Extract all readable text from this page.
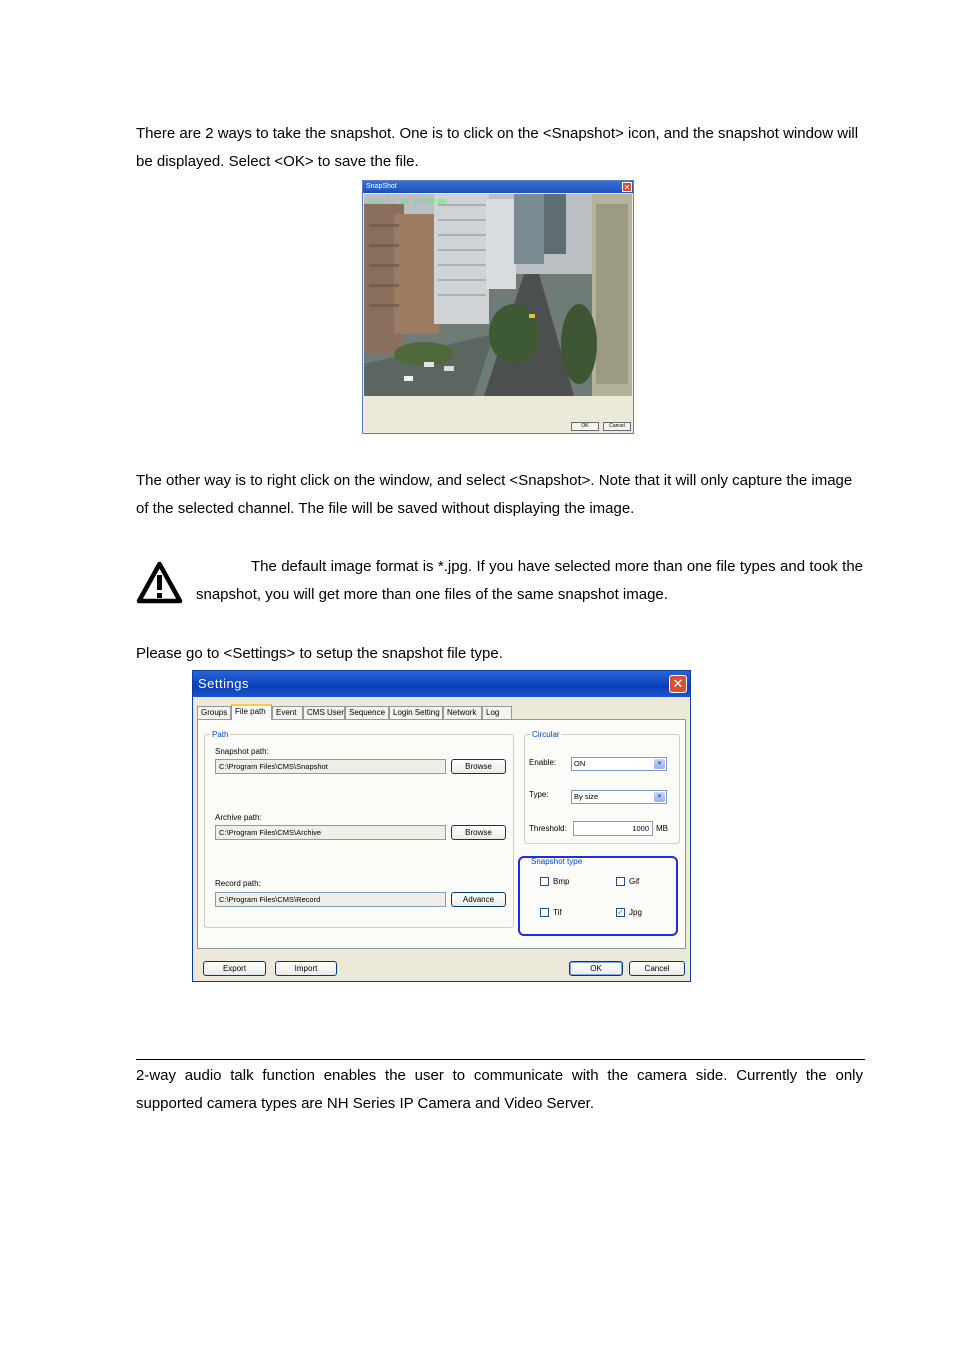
There are 2 ways to take the snapshot. One is to click on the <Snapshot> icon, and the snapshot window will be displayed. Select <OK> to save the file.

SnapShot	✕
2010-11-16 15:30:00
OK	Cancel

The other way is to right click on the window, and select <Snapshot>. Note that it will only capture the image of the selected channel. The file will be saved without displaying the image.

The default image format is *.jpg. If you have selected more than one file types and took the snapshot, you will get more than one files of the same snapshot image.

Please go to <Settings> to setup the snapshot file type.

Settings	✕
Groups File path	Event	CMS User Sequence Login Setting Network	Log
Path
Snapshot path:
C:\Program Files\CMS\Snapshot	Browse
Archive path:
C:\Program Files\CMS\Archive	Browse
Record path:
C:\Program Files\CMS\Record	Advance
Circular
Enable:	ON	▼
Type:	By size	▼
Threshold:	1000 MB
Snapshot type
Bmp	Gif
Tif	✓ Jpg
Export	Import	OK	Cancel

2-way audio talk function enables the user to communicate with the camera side. Currently the only supported camera types are NH Series IP Camera and Video Server.
